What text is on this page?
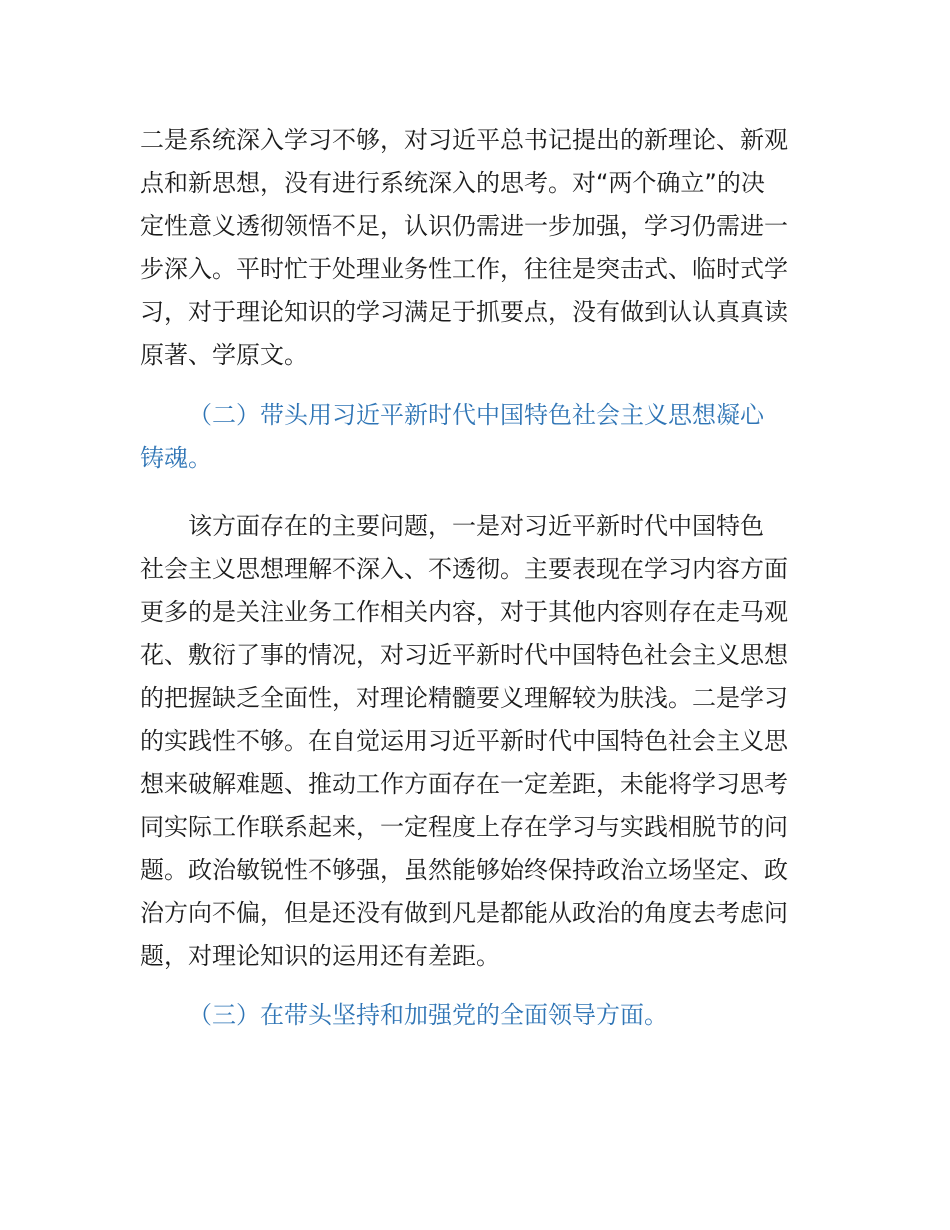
二是系统深入学习不够，对习近平总书记提出的新理论、新观
点和新思想，没有进行系统深入的思考。对“两个确立”的决
定性意义透彻领悟不足，认识仍需进一步加强，学习仍需进一
步深入。平时忙于处理业务性工作，往往是突击式、临时式学
习，对于理论知识的学习满足于抓要点，没有做到认认真真读
原著、学原文。
（二）带头用习近平新时代中国特色社会主义思想凝心
铸魂。
该方面存在的主要问题，一是对习近平新时代中国特色
社会主义思想理解不深入、不透彻。主要表现在学习内容方面
更多的是关注业务工作相关内容，对于其他内容则存在走马观
花、敷衍了事的情况，对习近平新时代中国特色社会主义思想
的把握缺乏全面性，对理论精髓要义理解较为肤浅。二是学习
的实践性不够。在自觉运用习近平新时代中国特色社会主义思
想来破解难题、推动工作方面存在一定差距，未能将学习思考
同实际工作联系起来，一定程度上存在学习与实践相脱节的问
题。政治敏锐性不够强，虽然能够始终保持政治立场坚定、政
治方向不偏，但是还没有做到凡是都能从政治的角度去考虑问
题，对理论知识的运用还有差距。
（三）在带头坚持和加强党的全面领导方面。
